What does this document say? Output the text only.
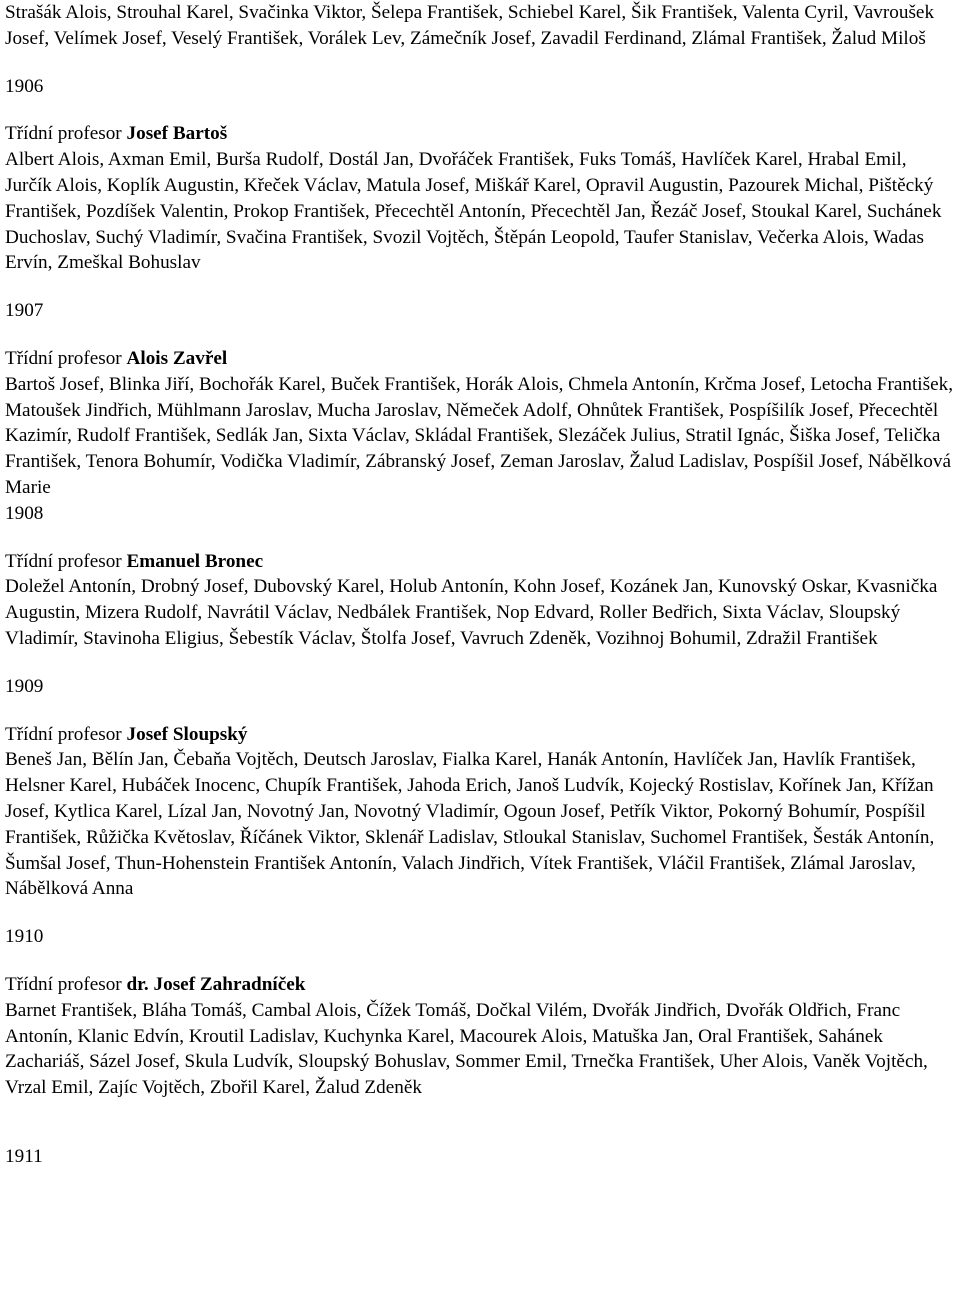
Strašák Alois, Strouhal Karel, Svačinka Viktor, Šelepa František, Schiebel Karel, Šik František, Valenta Cyril, Vavroušek Josef, Velímek Josef, Veselý František, Vorálek Lev, Zámečník Josef, Zavadil Ferdinand, Zlámal František, Žalud Miloš

1906

Třídní profesor Josef Bartoš

Albert Alois, Axman Emil, Burša Rudolf, Dostál Jan, Dvořáček František, Fuks Tomáš, Havlíček Karel, Hrabal Emil, Jurčík Alois, Koplík Augustin, Křeček Václav, Matula Josef, Miškář Karel, Opravil Augustin, Pazourek Michal, Pištěcký František, Pozdíšek Valentin, Prokop František, Přecechtěl Antonín, Přecechtěl Jan, Řezáč Josef, Stoukal Karel, Suchánek Duchoslav, Suchý Vladimír, Svačina František, Svozil Vojtěch, Štěpán Leopold, Taufer Stanislav, Večerka Alois, Wadas Ervín, Zmeškal Bohuslav

1907

Třídní profesor Alois Zavřel

Bartoš Josef, Blinka Jiří, Bochořák Karel, Buček František, Horák Alois, Chmela Antonín, Krčma Josef, Letocha František, Matoušek Jindřich, Mühlmann Jaroslav, Mucha Jaroslav, Němeček Adolf, Ohnůtek František, Pospíšilík Josef, Přecechtěl Kazimír, Rudolf František, Sedlák Jan, Sixta Václav, Skládal František, Slezáček Julius, Stratil Ignác, Šiška Josef, Telička František, Tenora Bohumír, Vodička Vladimír, Zábranský Josef, Zeman Jaroslav, Žalud Ladislav, Pospíšil Josef, Nábělková Marie

1908

Třídní profesor Emanuel Bronec

Doležel Antonín, Drobný Josef, Dubovský Karel, Holub Antonín, Kohn Josef, Kozánek Jan, Kunovský Oskar, Kvasnička Augustin, Mizera Rudolf, Navrátil Václav, Nedbálek František, Nop Edvard, Roller Bedřich, Sixta Václav, Sloupský Vladimír, Stavinoha Eligius, Šebestík Václav, Štolfa Josef, Vavruch Zdeněk, Vozihnoj Bohumil, Zdražil František

1909

Třídní profesor Josef Sloupský

Beneš Jan, Bělín Jan, Čebaňa Vojtěch, Deutsch Jaroslav, Fialka Karel, Hanák Antonín, Havlíček Jan, Havlík František, Helsner Karel, Hubáček Inocenc, Chupík František, Jahoda Erich, Janoš Ludvík, Kojecký Rostislav, Kořínek Jan, Křížan Josef, Kytlica Karel, Lízal Jan, Novotný Jan, Novotný Vladimír, Ogoun Josef, Petřík Viktor, Pokorný Bohumír, Pospíšil František, Růžička Květoslav, Říčánek Viktor, Sklenář Ladislav, Stloukal Stanislav, Suchomel František, Šesták Antonín, Šumšal Josef, Thun-Hohenstein František Antonín, Valach Jindřich, Vítek František, Vláčil František, Zlámal Jaroslav, Nábělková Anna

1910

Třídní profesor dr. Josef Zahradníček

Barnet František, Bláha Tomáš, Cambal Alois, Čížek Tomáš, Dočkal Vilém, Dvořák Jindřich, Dvořák Oldřich, Franc Antonín, Klanic Edvín, Kroutil Ladislav, Kuchynka Karel, Macourek Alois, Matuška Jan, Oral František, Sahánek Zachariáš, Sázel Josef, Skula Ludvík, Sloupský Bohuslav, Sommer Emil, Trnečka František, Uher Alois, Vaněk Vojtěch, Vrzal Emil, Zajíc Vojtěch, Zbořil Karel, Žalud Zdeněk

1911
